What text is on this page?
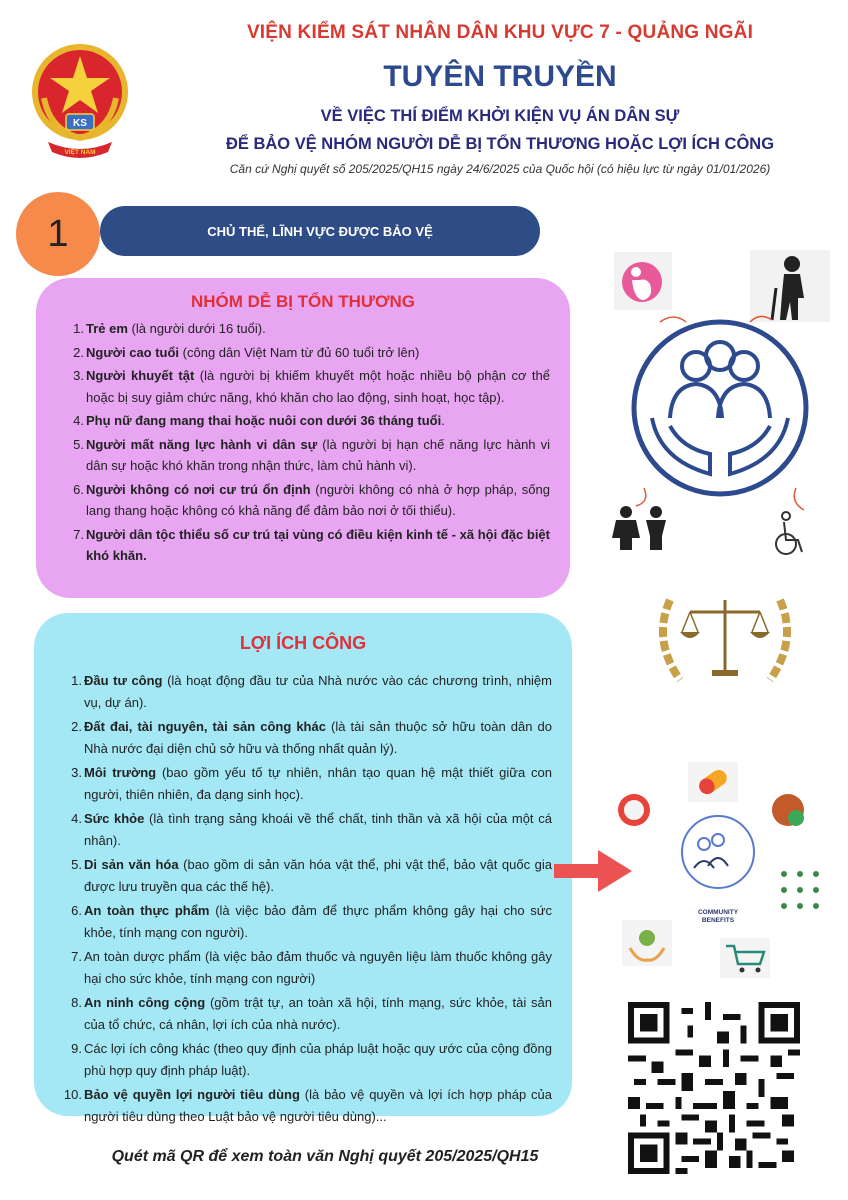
KS
VIỆT NAM
VIỆN KIỂM SÁT NHÂN DÂN KHU VỰC 7 - QUẢNG NGÃI
TUYÊN TRUYỀN
VỀ VIỆC THÍ ĐIỂM KHỞI KIỆN VỤ ÁN DÂN SỰ
ĐỂ BẢO VỆ NHÓM NGƯỜI DỄ BỊ TỔN THƯƠNG HOẶC LỢI ÍCH CÔNG
Căn cứ Nghị quyết số 205/2025/QH15 ngày 24/6/2025 của Quốc hội (có hiệu lực từ ngày 01/01/2026)
CHỦ THỂ, LĨNH VỰC ĐƯỢC BẢO VỆ
1
NHÓM DỄ BỊ TỔN THƯƠNG
1. Trẻ em (là người dưới 16 tuổi).
2. Người cao tuổi (công dân Việt Nam từ đủ 60 tuổi trở lên)
3. Người khuyết tật (là người bị khiếm khuyết một hoặc nhiều bộ phận cơ thể hoặc bị suy giảm chức năng, khó khăn cho lao động, sinh hoạt, học tập).
4. Phụ nữ đang mang thai hoặc nuôi con dưới 36 tháng tuổi.
5. Người mất năng lực hành vi dân sự (là người bị hạn chế năng lực hành vi dân sự hoặc khó khăn trong nhận thức, làm chủ hành vi).
6. Người không có nơi cư trú ổn định (người không có nhà ở hợp pháp, sống lang thang hoặc không có khả năng để đảm bảo nơi ở tối thiểu).
7. Người dân tộc thiểu số cư trú tại vùng có điều kiện kinh tế - xã hội đặc biệt khó khăn.
LỢI ÍCH CÔNG
1. Đầu tư công (là hoạt động đầu tư của Nhà nước vào các chương trình, nhiệm vụ, dự án).
2. Đất đai, tài nguyên, tài sản công khác (là tài sản thuộc sở hữu toàn dân do Nhà nước đại diện chủ sở hữu và thống nhất quản lý).
3. Môi trường (bao gồm yếu tố tự nhiên, nhân tạo quan hệ mật thiết giữa con người, thiên nhiên, đa dạng sinh học).
4. Sức khỏe (là tình trạng sảng khoái về thể chất, tinh thần và xã hội của một cá nhân).
5. Di sản văn hóa (bao gồm di sản văn hóa vật thể, phi vật thể, bảo vật quốc gia được lưu truyền qua các thế hệ).
6. An toàn thực phẩm (là việc bảo đảm để thực phẩm không gây hại cho sức khỏe, tính mạng con người).
7. An toàn dược phẩm (là việc bảo đảm thuốc và nguyên liệu làm thuốc không gây hại cho sức khỏe, tính mạng con người)
8. An ninh công cộng (gồm trật tự, an toàn xã hội, tính mạng, sức khỏe, tài sản của tổ chức, cá nhân, lợi ích của nhà nước).
9. Các lợi ích công khác (theo quy định của pháp luật hoặc quy ước của cộng đồng phù hợp quy định pháp luật).
10. Bảo vệ quyền lợi người tiêu dùng (là bảo vệ quyền và lợi ích hợp pháp của người tiêu dùng theo Luật bảo vệ người tiêu dùng)...
COMMUNITY
BENEFITS
Quét mã QR để xem toàn văn Nghị quyết 205/2025/QH15
